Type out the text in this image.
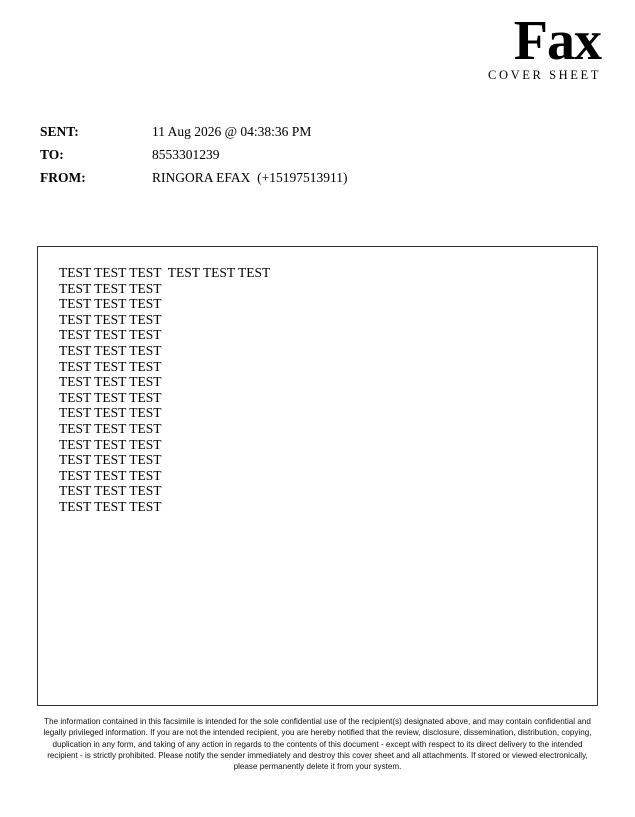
Fax
COVER SHEET
SENT:	11 Aug 2026 @ 04:38:36 PM
TO:	8553301239
FROM:	RINGORA EFAX  (+15197513911)
TEST TEST TEST  TEST TEST TEST
TEST TEST TEST
TEST TEST TEST
TEST TEST TEST
TEST TEST TEST
TEST TEST TEST
TEST TEST TEST
TEST TEST TEST
TEST TEST TEST
TEST TEST TEST
TEST TEST TEST
TEST TEST TEST
TEST TEST TEST
TEST TEST TEST
TEST TEST TEST
TEST TEST TEST
The information contained in this facsimile is intended for the sole confidential use of the recipient(s) designated above, and may contain confidential and legally privileged information. If you are not the intended recipient, you are hereby notified that the review, disclosure, dissemination, distribution, copying, duplication in any form, and taking of any action in regards to the contents of this document - except with respect to its direct delivery to the intended recipient - is strictly prohibited. Please notify the sender immediately and destroy this cover sheet and all attachments. If stored or viewed electronically, please permanently delete it from your system.
